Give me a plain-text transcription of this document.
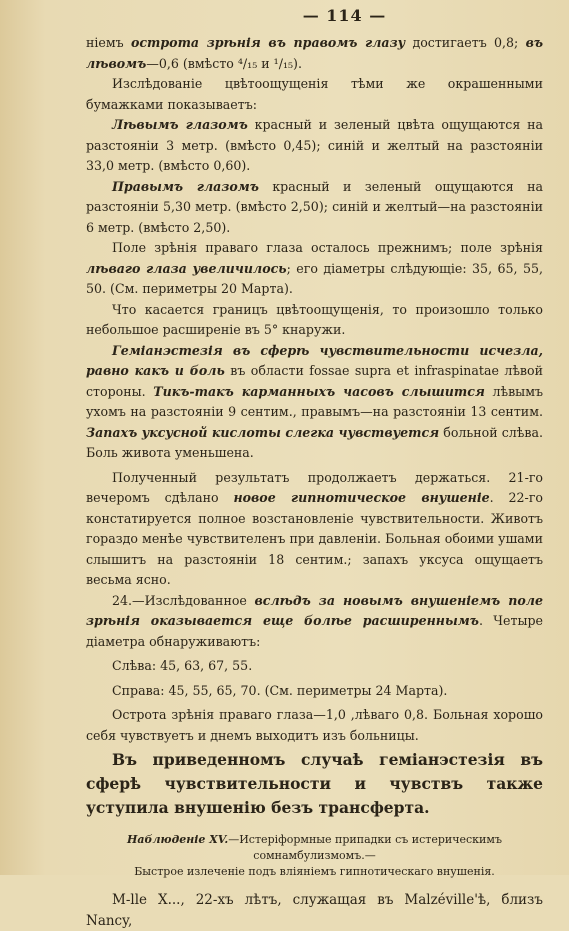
— 114 —

нiемъ острота зрѣнія въ правомъ глазу достигаетъ 0,8; въ лѣвомъ—0,6 (вмѣсто ⁴/₁₅ и ¹/₁₅).

Изслѣдованіе цвѣтоощущенія тѣми же окрашенными бумажками показываетъ:

Лѣвымъ глазомъ красный и зеленый цвѣта ощущаются на разстояніи 3 метр. (вмѣсто 0,45); синій и желтый на разстояніи 33,0 метр. (вмѣсто 0,60).

Правымъ глазомъ красный и зеленый ощущаются на разстояніи 5,30 метр. (вмѣсто 2,50); синій и желтый—на разстояніи 6 метр. (вмѣсто 2,50).

Поле зрѣнія праваго глаза осталось прежнимъ; поле зрѣнія лѣваго глаза увеличилось; его діаметры слѣдующіе: 35, 65, 55, 50. (См. периметры 20 Марта).

Что касается границъ цвѣтоощущенія, то произошло только небольшое расширеніе въ 5° кнаружи.

Геміанэстезія въ сферѣ чувствительности исчезла, равно какъ и боль въ области fossae supra et infraspinatae лѣвой стороны. Тикъ-такъ карманныхъ часовъ слышится лѣвымъ ухомъ на разстояніи 9 сентим., правымъ—на разстояніи 13 сентим. Запахъ уксусной кислоты слегка чувствуется больной слѣва. Боль живота уменьшена.

Полученный результатъ продолжаетъ держаться. 21-го вечеромъ сдѣлано новое гипнотическое внушеніе. 22-го констатируется полное возстановленіе чувствительности. Животъ гораздо менѣе чувствителенъ при давленіи. Больная обоими ушами слышитъ на разстояніи 18 сентим.; запахъ уксуса ощущаетъ весьма ясно.

24.—Изслѣдованное вслѣдъ за новымъ внушеніемъ поле зрѣнія оказывается еще болѣе расширеннымъ. Четыре діаметра обнаруживаютъ:

Слѣва: 45, 63, 67, 55.

Справа: 45, 55, 65, 70. (См. периметры 24 Марта).

Острота зрѣнія праваго глаза—1,0 ,лѣваго 0,8. Больная хорошо себя чувствуетъ и днемъ выходитъ изъ больницы.

Въ приведенномъ случаѣ геміанэстезія въ сферѣ чувствительности и чувствъ также уступила внушенію безъ трансферта.

Наблюденіе XV.—Истерiформные припадки съ истерическимъ сомнамбулизмомъ.—
Быстрое излеченіе подъ вліяніемъ гипнотическаго внушенія.

M-lle X..., 22-хъ лѣтъ, служащая въ Malzéville'ѣ, близъ Nancy,
